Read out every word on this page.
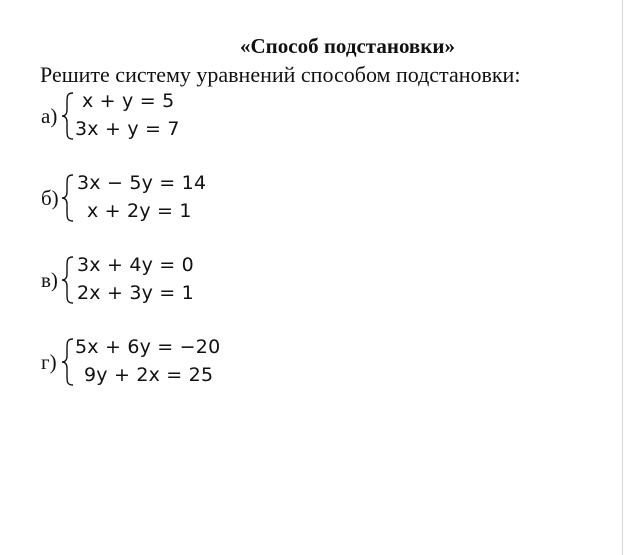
«Способ подстановки»
Решите систему уравнений способом подстановки:
а)
x + y = 5
3x + y = 7
б)
3x − 5y = 14
x + 2y = 1
в)
3x + 4y = 0
2x + 3y = 1
г)
5x + 6y = −20
9y + 2x = 25
